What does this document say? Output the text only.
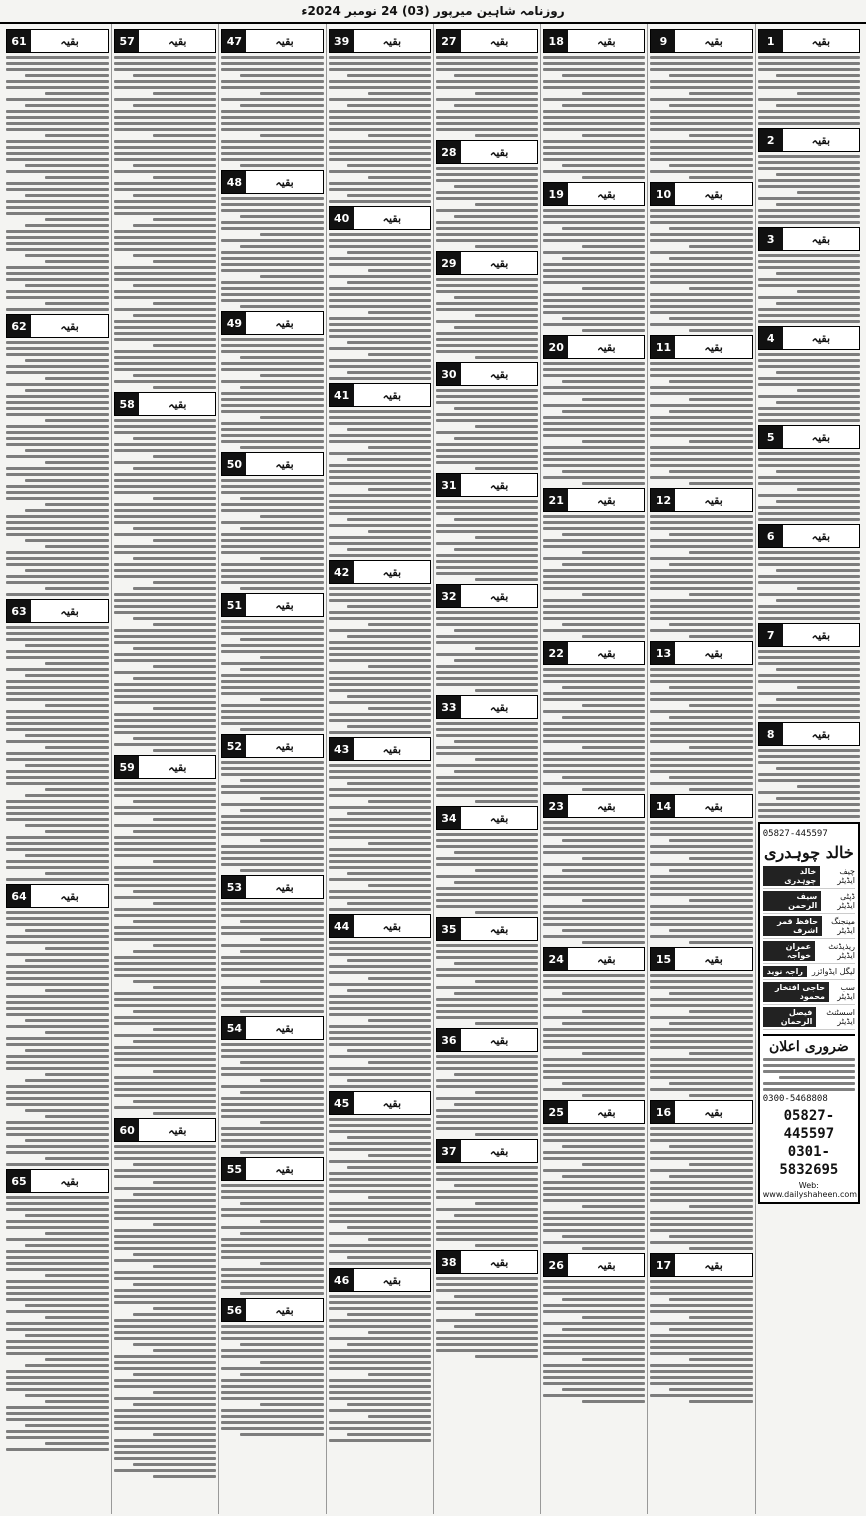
روزنامہ شاہین میرپور (03) 24 نومبر 2024ء
بقیہ
1
بقیہ
2
بقیہ
3
بقیہ
4
بقیہ
5
بقیہ
6
بقیہ
7
بقیہ
8
05827-445597
خالد چوہدری
چیف ایڈیٹر
خالد چوہدری
ڈپٹی ایڈیٹر
سیف الرحمن
مینجنگ ایڈیٹر
حافظ قمر اشرف
ریذیڈنٹ ایڈیٹر
عمران خواجہ
لیگل ایڈوائزر
راجہ نوید
سب ایڈیٹر
حاجی افتخار محمود
اسسٹنٹ ایڈیٹر
فیصل الرحمان
ضروری اعلان
0300-5468808
05827-445597
0301-5832695
Web: www.dailyshaheen.com
بقیہ
9
بقیہ
10
بقیہ
11
بقیہ
12
بقیہ
13
بقیہ
14
بقیہ
15
بقیہ
16
بقیہ
17
بقیہ
18
بقیہ
19
بقیہ
20
بقیہ
21
بقیہ
22
بقیہ
23
بقیہ
24
بقیہ
25
بقیہ
26
بقیہ
27
بقیہ
28
بقیہ
29
بقیہ
30
بقیہ
31
بقیہ
32
بقیہ
33
بقیہ
34
بقیہ
35
بقیہ
36
بقیہ
37
بقیہ
38
بقیہ
39
بقیہ
40
بقیہ
41
بقیہ
42
بقیہ
43
بقیہ
44
بقیہ
45
بقیہ
46
بقیہ
47
بقیہ
48
بقیہ
49
بقیہ
50
بقیہ
51
بقیہ
52
بقیہ
53
بقیہ
54
بقیہ
55
بقیہ
56
بقیہ
57
بقیہ
58
بقیہ
59
بقیہ
60
بقیہ
61
بقیہ
62
بقیہ
63
بقیہ
64
بقیہ
65
